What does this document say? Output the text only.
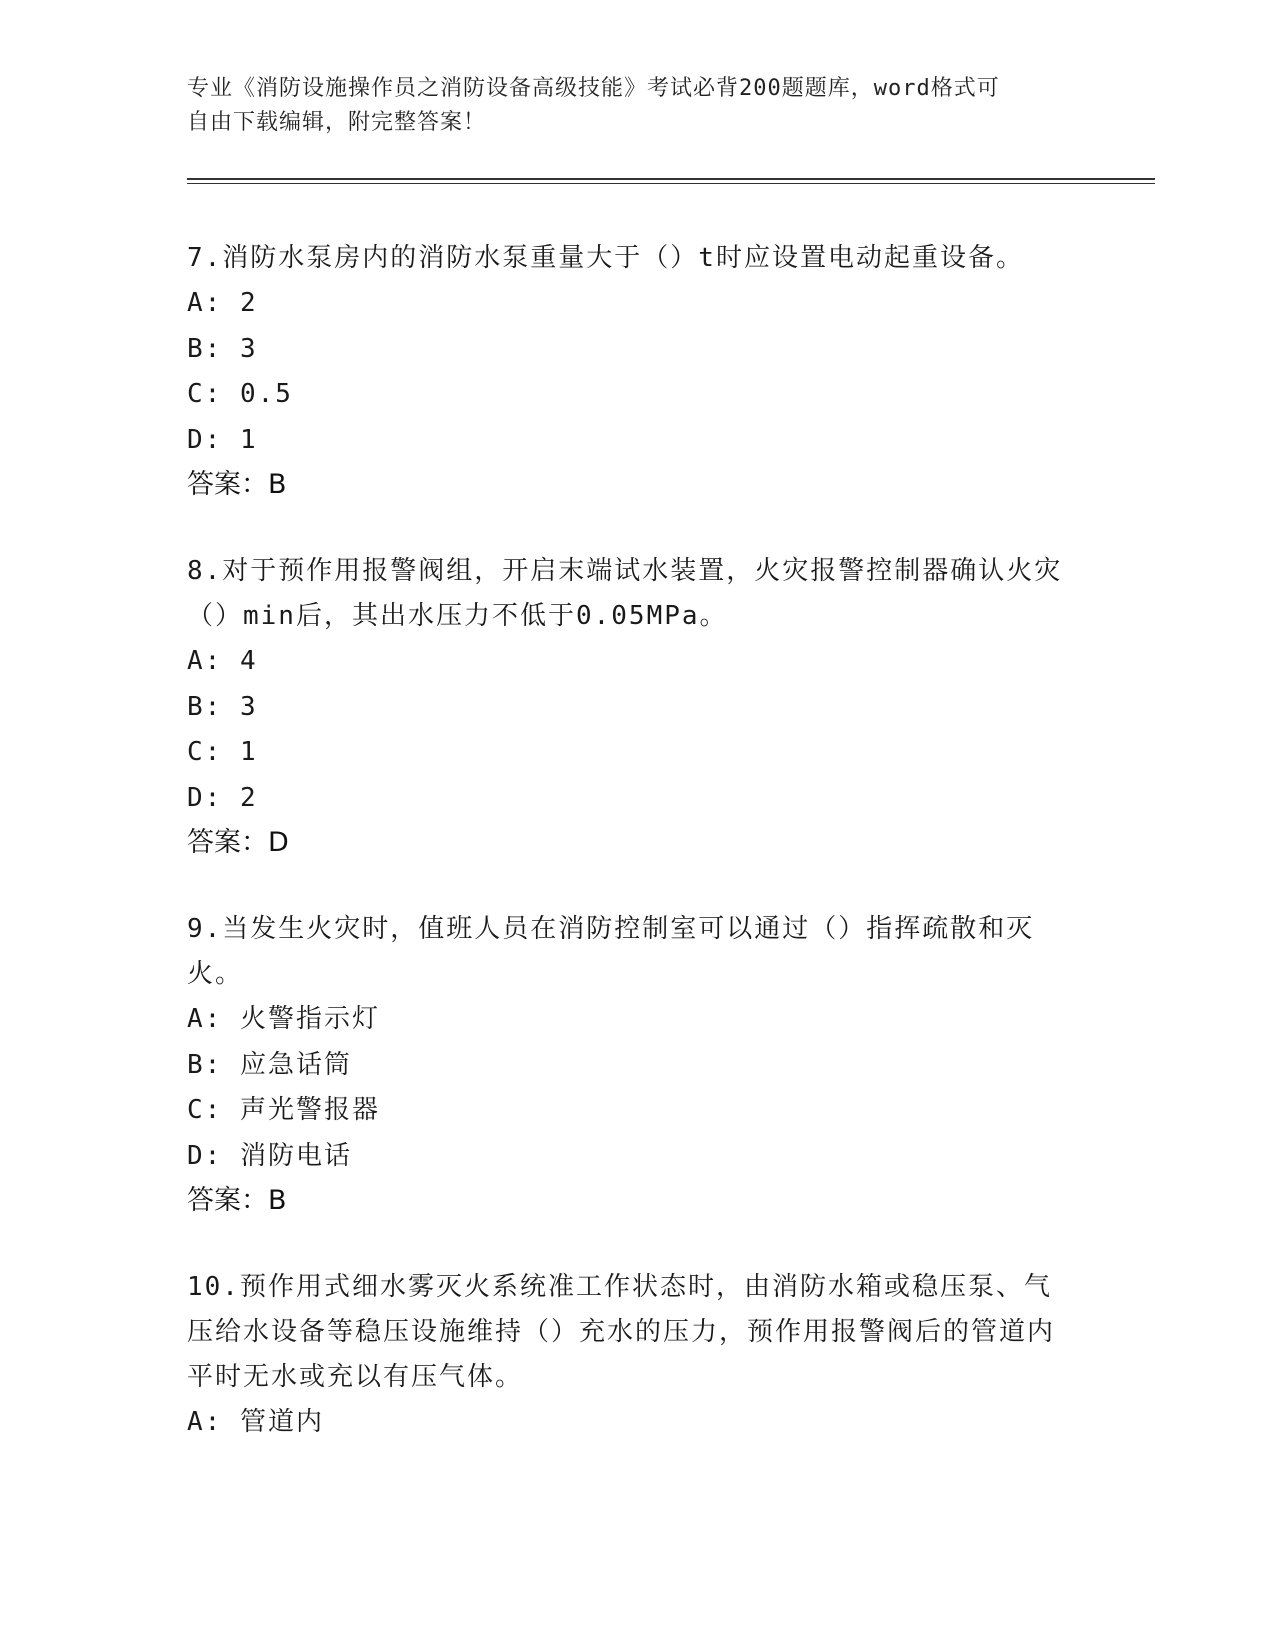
专业《消防设施操作员之消防设备高级技能》考试必背200题题库，word格式可
自由下载编辑，附完整答案！
7.消防水泵房内的消防水泵重量大于（）t时应设置电动起重设备。
A: 2
B: 3
C: 0.5
D: 1
答案：B
8.对于预作用报警阀组，开启末端试水装置，火灾报警控制器确认火灾（）min后，其出水压力不低于0.05MPa。
A: 4
B: 3
C: 1
D: 2
答案：D
9.当发生火灾时，值班人员在消防控制室可以通过（）指挥疏散和灭火。
A: 火警指示灯
B: 应急话筒
C: 声光警报器
D: 消防电话
答案：B
10.预作用式细水雾灭火系统准工作状态时，由消防水箱或稳压泵、气压给水设备等稳压设施维持（）充水的压力，预作用报警阀后的管道内平时无水或充以有压气体。
A: 管道内
